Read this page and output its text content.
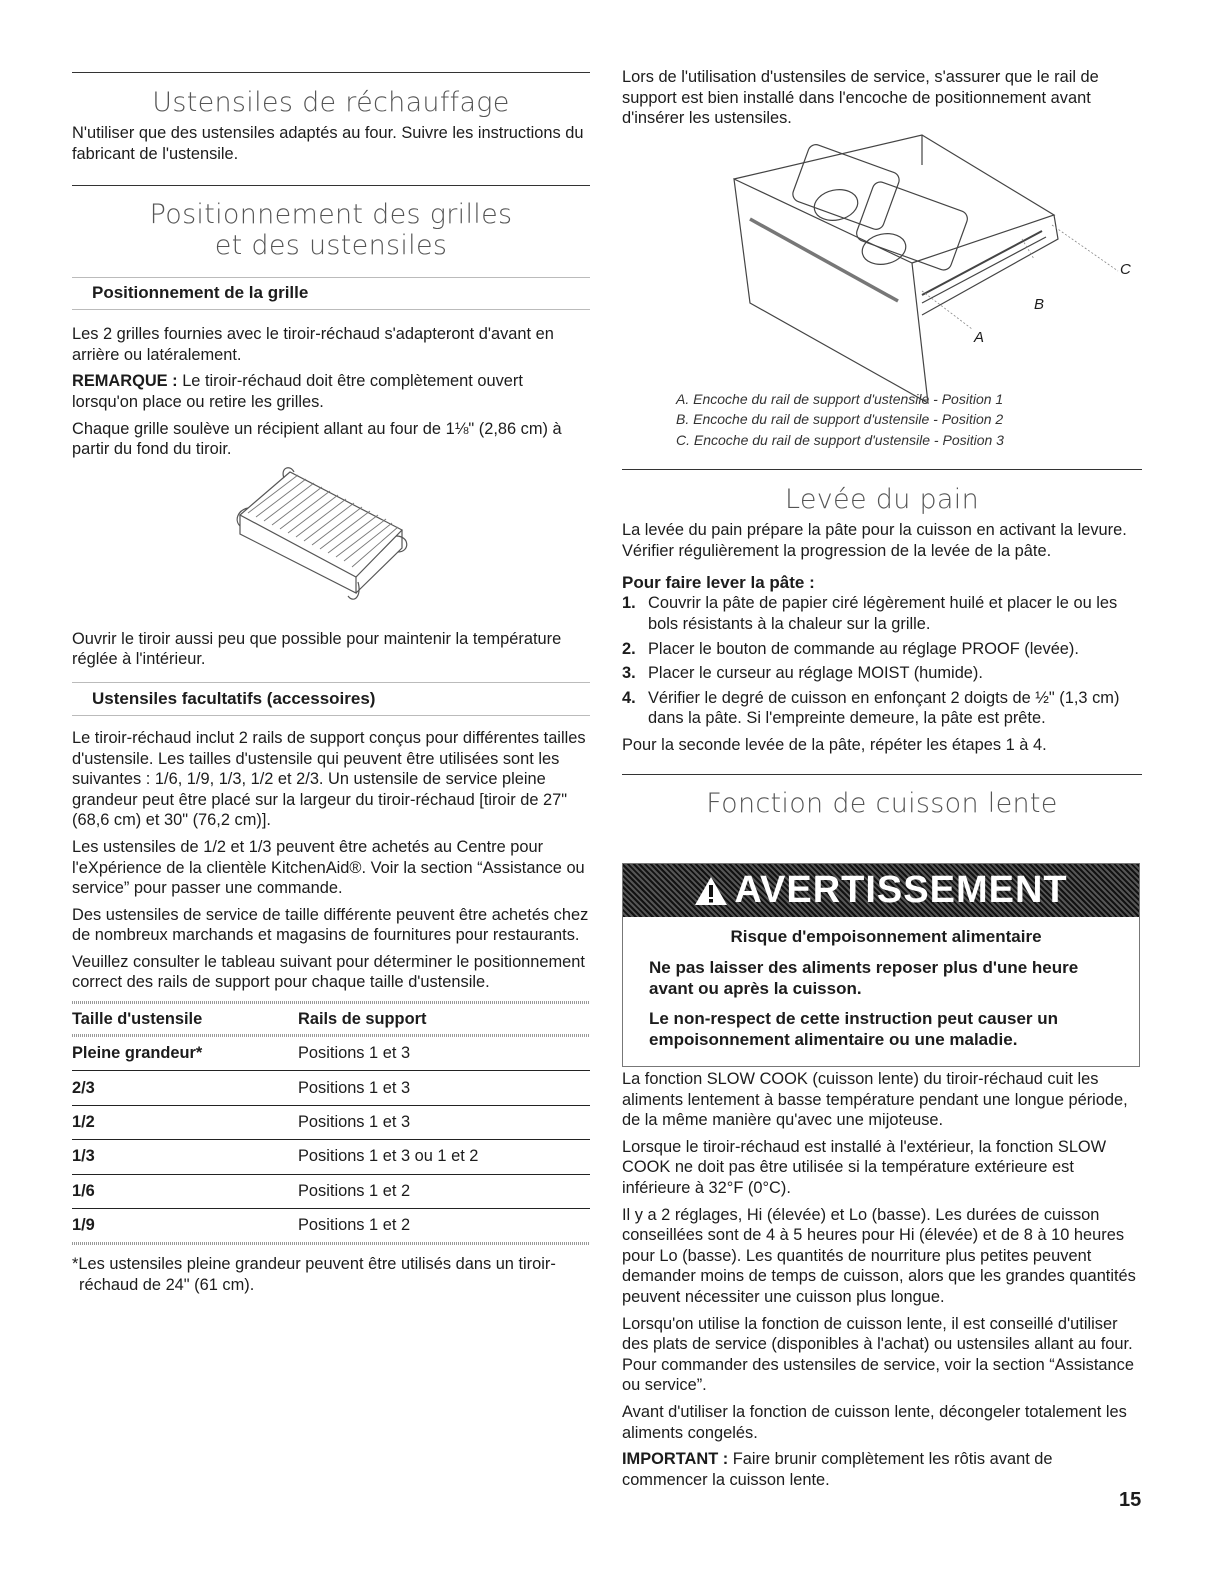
Ustensiles de réchauffage

N'utiliser que des ustensiles adaptés au four. Suivre les instructions du fabricant de l'ustensile.

Positionnement des grilles
et des ustensiles
Positionnement de la grille

Les 2 grilles fournies avec le tiroir-réchaud s'adapteront d'avant en arrière ou latéralement.

REMARQUE : Le tiroir-réchaud doit être complètement ouvert lorsqu'on place ou retire les grilles.

Chaque grille soulève un récipient allant au four de 1⅛" (2,86 cm) à partir du fond du tiroir.

Ouvrir le tiroir aussi peu que possible pour maintenir la température réglée à l'intérieur.

Ustensiles facultatifs (accessoires)

Le tiroir-réchaud inclut 2 rails de support conçus pour différentes tailles d'ustensile. Les tailles d'ustensile qui peuvent être utilisées sont les suivantes : 1/6, 1/9, 1/3, 1/2 et 2/3. Un ustensile de service pleine grandeur peut être placé sur la largeur du tiroir-réchaud [tiroir de 27" (68,6 cm) et 30" (76,2 cm)].

Les ustensiles de 1/2 et 1/3 peuvent être achetés au Centre pour l'eXpérience de la clientèle KitchenAid®. Voir la section “Assistance ou service” pour passer une commande.

Des ustensiles de service de taille différente peuvent être achetés chez de nombreux marchands et magasins de fournitures pour restaurants.

Veuillez consulter le tableau suivant pour déterminer le positionnement correct des rails de support pour chaque taille d'ustensile.

Taille d'ustensile	Rails de support

Pleine grandeur*	Positions 1 et 3
2/3	Positions 1 et 3
1/2	Positions 1 et 3
1/3	Positions 1 et 3 ou 1 et 2
1/6	Positions 1 et 2
1/9	Positions 1 et 2

*Les ustensiles pleine grandeur peuvent être utilisés dans un tiroir-réchaud de 24" (61 cm).

Lors de l'utilisation d'ustensiles de service, s'assurer que le rail de support est bien installé dans l'encoche de positionnement avant d'insérer les ustensiles.

A
B
C
A. Encoche du rail de support d'ustensile - Position 1
B. Encoche du rail de support d'ustensile - Position 2
C. Encoche du rail de support d'ustensile - Position 3
Levée du pain

La levée du pain prépare la pâte pour la cuisson en activant la levure. Vérifier régulièrement la progression de la levée de la pâte.

Pour faire lever la pâte :
1. Couvrir la pâte de papier ciré légèrement huilé et placer le ou les bols résistants à la chaleur sur la grille.
2. Placer le bouton de commande au réglage PROOF (levée).
3. Placer le curseur au réglage MOIST (humide).
4. Vérifier le degré de cuisson en enfonçant 2 doigts de ½" (1,3 cm) dans la pâte. Si l'empreinte demeure, la pâte est prête.

Pour la seconde levée de la pâte, répéter les étapes 1 à 4.

Fonction de cuisson lente
AVERTISSEMENT
Risque d'empoisonnement alimentaire

Ne pas laisser des aliments reposer plus d'une heure avant ou après la cuisson.

Le non-respect de cette instruction peut causer un empoisonnement alimentaire ou une maladie.

La fonction SLOW COOK (cuisson lente) du tiroir-réchaud cuit les aliments lentement à basse température pendant une longue période, de la même manière qu'avec une mijoteuse.

Lorsque le tiroir-réchaud est installé à l'extérieur, la fonction SLOW COOK ne doit pas être utilisée si la température extérieure est inférieure à 32°F (0°C).

Il y a 2 réglages, Hi (élevée) et Lo (basse). Les durées de cuisson conseillées sont de 4 à 5 heures pour Hi (élevée) et de 8 à 10 heures pour Lo (basse). Les quantités de nourriture plus petites peuvent demander moins de temps de cuisson, alors que les grandes quantités peuvent nécessiter une cuisson plus longue.

Lorsqu'on utilise la fonction de cuisson lente, il est conseillé d'utiliser des plats de service (disponibles à l'achat) ou ustensiles allant au four. Pour commander des ustensiles de service, voir la section “Assistance ou service”.

Avant d'utiliser la fonction de cuisson lente, décongeler totalement les aliments congelés.

IMPORTANT : Faire brunir complètement les rôtis avant de commencer la cuisson lente.

15
